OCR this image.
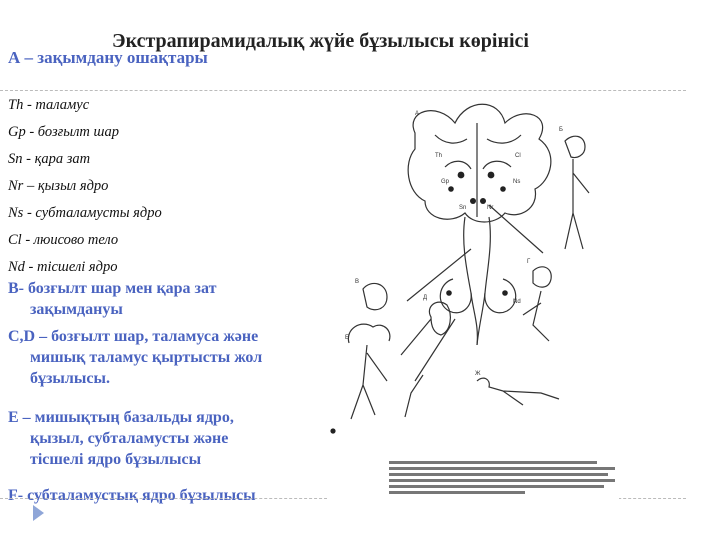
Экстрапирамидалық жүйе бұзылысы көрінісі
А – зақымдану ошақтары
Th - таламус
Gp - бозғылт шар
Sn - қара зат
Nr – қызыл ядро
Ns - субталамусты ядро
Cl - люисово тело
Nd - тісшелі ядро
В- бозғылт шар мен қара зат
зақымдануы
С,D – бозғылт шар, таламуса және
мишық таламус қыртысты жол
бұзылысы.
Е – мишықтың базальды ядро,
қызыл, субталамусты және
тісшелі ядро бұзылысы
F- субталамустық ядро бұзылысы
Th
Gp
Sn	Nr
Ns
Cl
Nd
А
Б
В
Г
Д
Е
Ж
